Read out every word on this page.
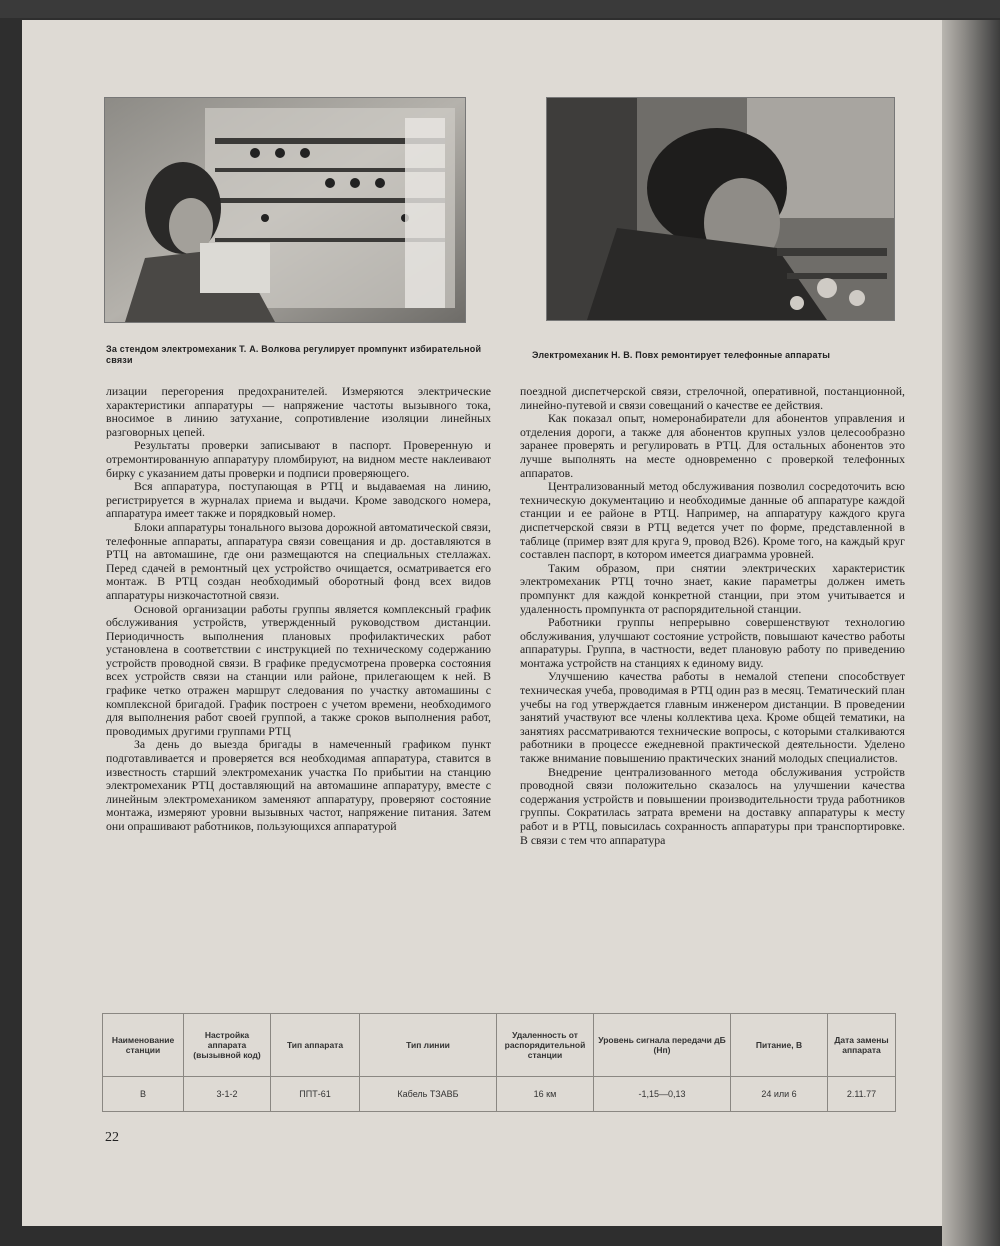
За стендом электромеханик Т. А. Волкова регулирует промпункт избирательной связи	Электромеханик Н. В. Повх ремонтирует телефонные аппараты

лизации перегорения предохранителей. Измеряются электрические характеристики аппаратуры — напряжение частоты вызывного тока, вносимое в линию затухание, сопротивление изоляции линейных разговорных цепей.

Результаты проверки записывают в паспорт. Проверенную и отремонтированную аппаратуру пломбируют, на видном месте наклеивают бирку с указанием даты проверки и подписи проверяющего.

Вся аппаратура, поступающая в РТЦ и выдаваемая на линию, регистрируется в журналах приема и выдачи. Кроме заводского номера, аппаратура имеет также и порядковый номер.

Блоки аппаратуры тонального вызова дорожной автоматической связи, телефонные аппараты, аппаратура связи совещания и др. доставляются в РТЦ на автомашине, где они размещаются на специальных стеллажах. Перед сдачей в ремонтный цех устройство очищается, осматривается его монтаж. В РТЦ создан необходимый оборотный фонд всех видов аппаратуры низкочастотной связи.

Основой организации работы группы является комплексный график обслуживания устройств, утвержденный руководством дистанции. Периодичность выполнения плановых профилактических работ установлена в соответствии с инструкцией по техническому содержанию устройств проводной связи. В графике предусмотрена проверка состояния всех устройств связи на станции или районе, прилегающем к ней. В графике четко отражен маршрут следования по участку автомашины с комплексной бригадой. График построен с учетом времени, необходимого для выполнения работ своей группой, а также сроков выполнения работ, проводимых другими группами РТЦ

За день до выезда бригады в намеченный графиком пункт подготавливается и проверяется вся необходимая аппаратура, ставится в известность старший электромеханик участка По прибытии на станцию электромеханик РТЦ доставляющий на автомашине аппаратуру, вместе с линейным электромехаником заменяют аппаратуру, проверяют состояние монтажа, измеряют уровни вызывных частот, напряжение питания. Затем они опрашивают работников, пользующихся аппаратурой

поездной диспетчерской связи, стрелочной, оперативной, постанционной, линейно-путевой и связи совещаний о качестве ее действия.

Как показал опыт, номеронабиратели для абонентов управления и отделения дороги, а также для абонентов крупных узлов целесообразно заранее проверять и регулировать в РТЦ. Для остальных абонентов это лучше выполнять на месте одновременно с проверкой телефонных аппаратов.

Централизованный метод обслуживания позволил сосредоточить всю техническую документацию и необходимые данные об аппаратуре каждой станции и ее районе в РТЦ. Например, на аппаратуру каждого круга диспетчерской связи в РТЦ ведется учет по форме, представленной в таблице (пример взят для круга 9, провод В26). Кроме того, на каждый круг составлен паспорт, в котором имеется диаграмма уровней.

Таким образом, при снятии электрических характеристик электромеханик РТЦ точно знает, какие параметры должен иметь промпункт для каждой конкретной станции, при этом учитывается и удаленность промпункта от распорядительной станции.

Работники группы непрерывно совершенствуют технологию обслуживания, улучшают состояние устройств, повышают качество работы аппаратуры. Группа, в частности, ведет плановую работу по приведению монтажа устройств на станциях к единому виду.

Улучшению качества работы в немалой степени способствует техническая учеба, проводимая в РТЦ один раз в месяц. Тематический план учебы на год утверждается главным инженером дистанции. В проведении занятий участвуют все члены коллектива цеха. Кроме общей тематики, на занятиях рассматриваются технические вопросы, с которыми сталкиваются работники в процессе ежедневной практической деятельности. Уделено также внимание повышению практических знаний молодых специалистов.

Внедрение централизованного метода обслуживания устройств проводной связи положительно сказалось на улучшении качества содержания устройств и повышении производительности труда работников группы. Сократилась затрата времени на доставку аппаратуры к месту работ и в РТЦ, повысилась сохранность аппаратуры при транспортировке. В связи с тем что аппаратура

Наименование станции	Настройка аппарата (вызывной код)	Тип аппарата	Тип линии	Удаленность от распорядительной станции	Уровень сигнала передачи дБ (Нп)	Питание, В	Дата замены аппарата
В	3-1-2	ППТ-61	Кабель ТЗАВБ	16 км	-1,15—0,13	24 или 6	2.11.77
22
